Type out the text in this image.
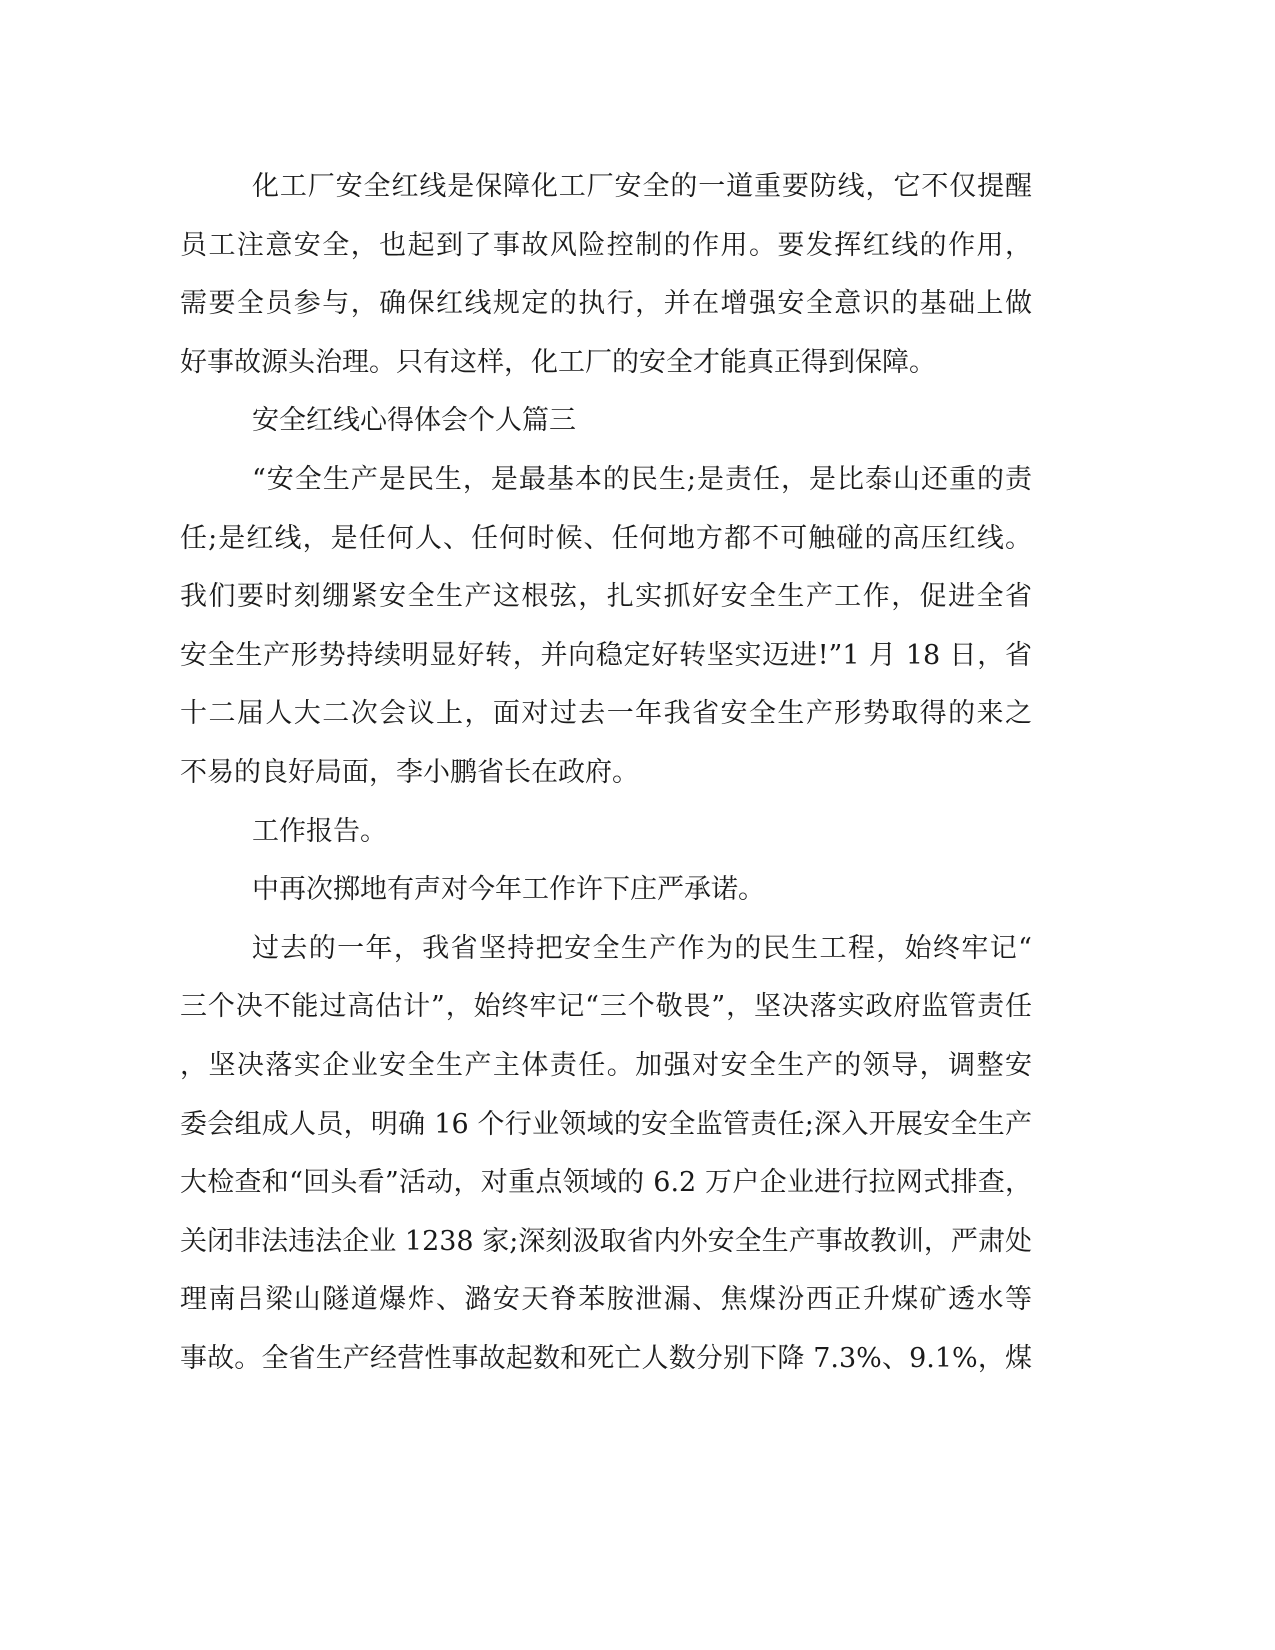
化工厂安全红线是保障化工厂安全的一道重要防线，它不仅提醒
员工注意安全，也起到了事故风险控制的作用。要发挥红线的作用，
需要全员参与，确保红线规定的执行，并在增强安全意识的基础上做
好事故源头治理。只有这样，化工厂的安全才能真正得到保障。
安全红线心得体会个人篇三
“安全生产是民生，是最基本的民生;是责任，是比泰山还重的责
任;是红线，是任何人、任何时候、任何地方都不可触碰的高压红线。
我们要时刻绷紧安全生产这根弦，扎实抓好安全生产工作，促进全省
安全生产形势持续明显好转，并向稳定好转坚实迈进!”1 月 18 日，省
十二届人大二次会议上，面对过去一年我省安全生产形势取得的来之
不易的良好局面，李小鹏省长在政府。
工作报告。
中再次掷地有声对今年工作许下庄严承诺。
过去的一年，我省坚持把安全生产作为的民生工程，始终牢记“
三个决不能过高估计”，始终牢记“三个敬畏”，坚决落实政府监管责任
，坚决落实企业安全生产主体责任。加强对安全生产的领导，调整安
委会组成人员，明确 16 个行业领域的安全监管责任;深入开展安全生产
大检查和“回头看”活动，对重点领域的 6.2 万户企业进行拉网式排查，
关闭非法违法企业 1238 家;深刻汲取省内外安全生产事故教训，严肃处
理南吕梁山隧道爆炸、潞安天脊苯胺泄漏、焦煤汾西正升煤矿透水等
事故。全省生产经营性事故起数和死亡人数分别下降 7.3%、9.1%，煤
